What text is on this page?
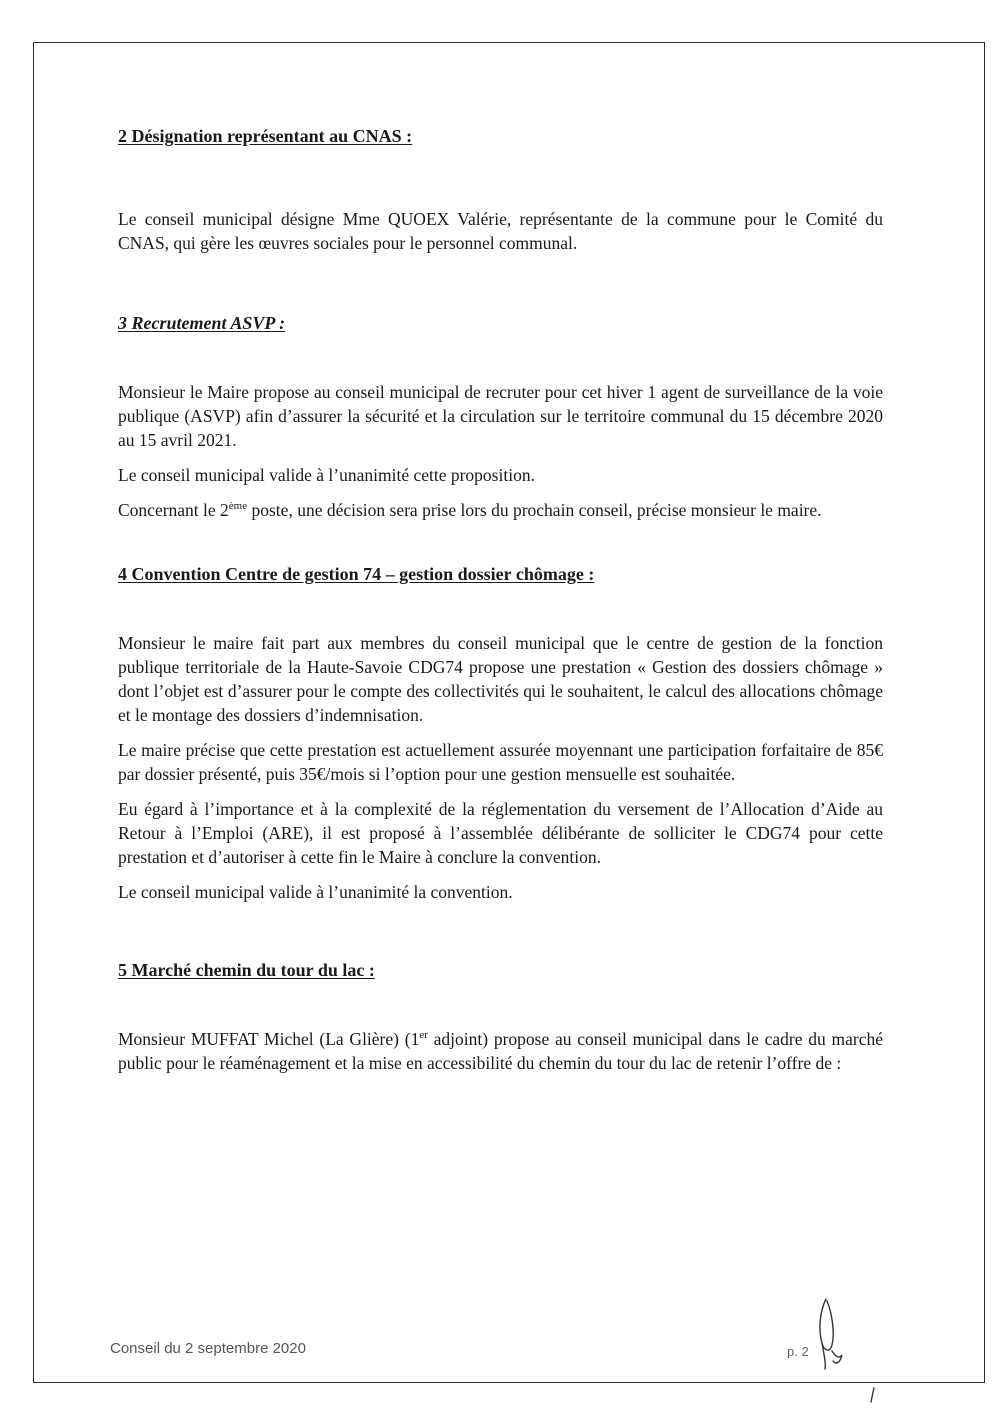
2 Désignation représentant au CNAS :

Le conseil municipal désigne Mme QUOEX Valérie, représentante de la commune pour le Comité du CNAS, qui gère les œuvres sociales pour le personnel communal.

3 Recrutement ASVP :

Monsieur le Maire propose au conseil municipal de recruter pour cet hiver 1 agent de surveillance de la voie publique (ASVP) afin d’assurer la sécurité et la circulation sur le territoire communal du 15 décembre 2020 au 15 avril 2021.

Le conseil municipal valide à l’unanimité cette proposition.

Concernant le 2ème poste, une décision sera prise lors du prochain conseil, précise monsieur le maire.

4 Convention Centre de gestion 74 – gestion dossier chômage :

Monsieur le maire fait part aux membres du conseil municipal que le centre de gestion de la fonction publique territoriale de la Haute-Savoie CDG74 propose une prestation « Gestion des dossiers chômage » dont l’objet est d’assurer pour le compte des collectivités qui le souhaitent, le calcul des allocations chômage et le montage des dossiers d’indemnisation.

Le maire précise que cette prestation est actuellement assurée moyennant une participation forfaitaire de 85€ par dossier présenté, puis 35€/mois si l’option pour une gestion mensuelle est souhaitée.

Eu égard à l’importance et à la complexité de la réglementation du versement de l’Allocation d’Aide au Retour à l’Emploi (ARE), il est proposé à l’assemblée délibérante de solliciter le CDG74 pour cette prestation et d’autoriser à cette fin le Maire à conclure la convention.

Le conseil municipal valide à l’unanimité la convention.

5 Marché chemin du tour du lac :

Monsieur MUFFAT Michel (La Glière) (1er adjoint) propose au conseil municipal dans le cadre du marché public pour le réaménagement et la mise en accessibilité du chemin du tour du lac de retenir l’offre de :

Conseil du 2 septembre 2020	p. 2
